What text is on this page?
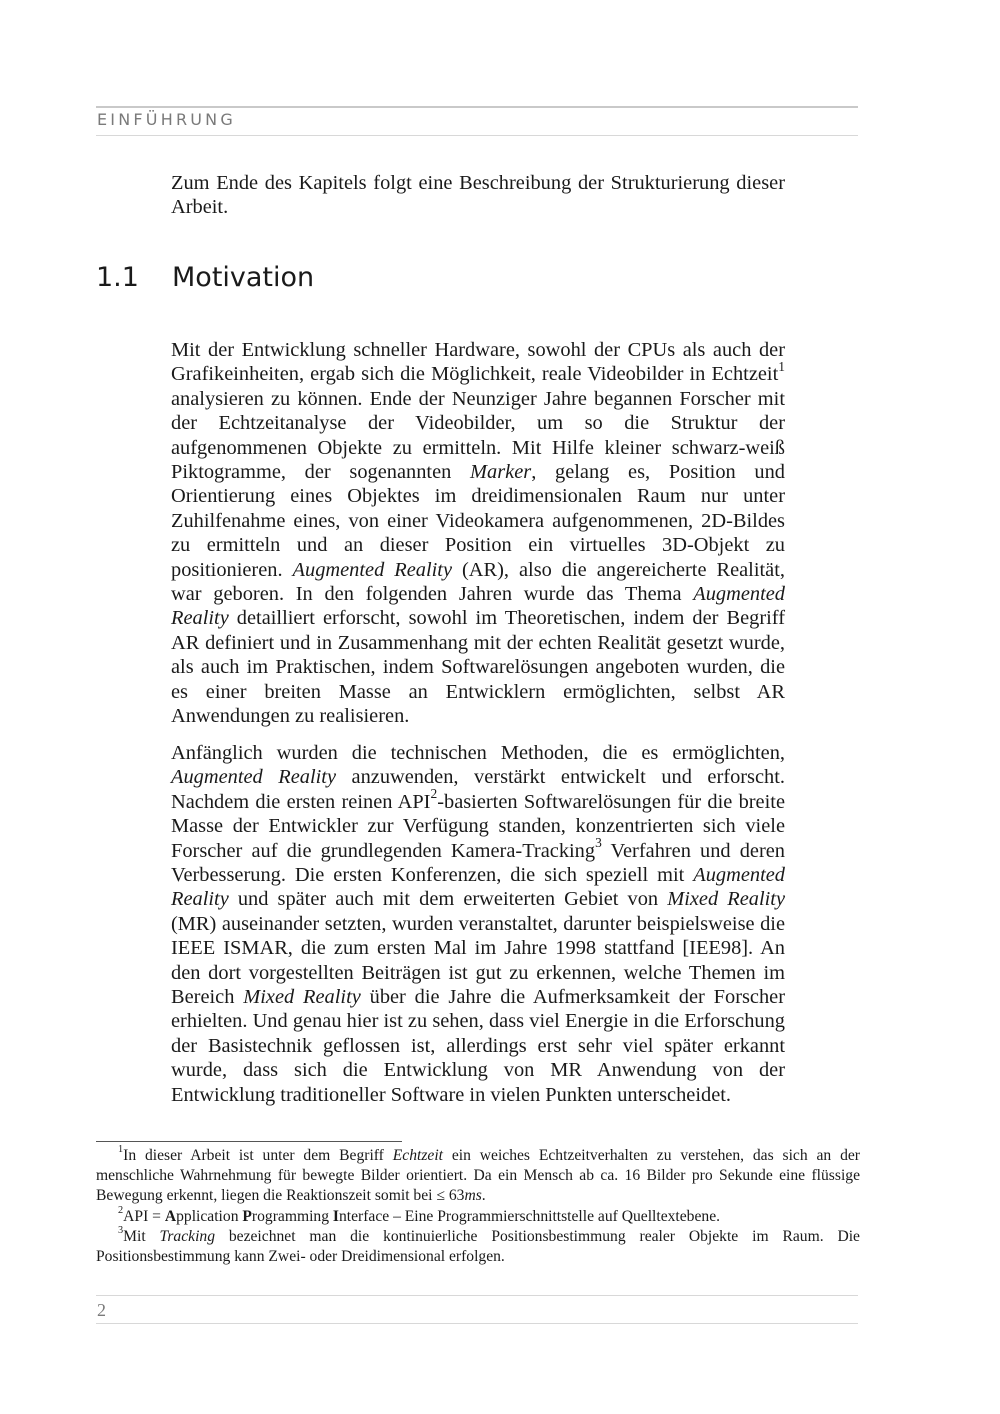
EINFÜHRUNG

Zum Ende des Kapitels folgt eine Beschreibung der Strukturierung dieser Arbeit.

1.1 Motivation

Mit der Entwicklung schneller Hardware, sowohl der CPUs als auch der Grafikeinheiten, ergab sich die Möglichkeit, reale Videobilder in Echtzeit$^1$ analysieren zu können. Ende der Neunziger Jahre begannen Forscher mit der Echtzeitanalyse der Videobilder, um so die Struktur der aufgenommenen Objekte zu ermitteln. Mit Hilfe kleiner schwarz-weiß Piktogramme, der sogenannten Marker, gelang es, Position und Orientierung eines Objektes im dreidimensionalen Raum nur unter Zuhilfenahme eines, von einer Videokamera aufgenommenen, 2D-Bildes zu ermitteln und an dieser Position ein virtuelles 3D-Objekt zu positionieren. Augmented Reality (AR), also die angereicherte Realität, war geboren. In den folgenden Jahren wurde das Thema Augmented Reality detailliert erforscht, sowohl im Theoretischen, indem der Begriff AR definiert und in Zusammenhang mit der echten Realität gesetzt wurde, als auch im Praktischen, indem Softwarelösungen angeboten wurden, die es einer breiten Masse an Entwicklern ermöglichten, selbst AR Anwendungen zu realisieren.

Anfänglich wurden die technischen Methoden, die es ermöglichten, Augmented Reality anzuwenden, verstärkt entwickelt und erforscht. Nachdem die ersten reinen API$^2$-basierten Softwarelösungen für die breite Masse der Entwickler zur Verfügung standen, konzentrierten sich viele Forscher auf die grundlegenden Kamera-Tracking$^3$ Verfahren und deren Verbesserung. Die ersten Konferenzen, die sich speziell mit Augmented Reality und später auch mit dem erweiterten Gebiet von Mixed Reality (MR) auseinander setzten, wurden veranstaltet, darunter beispielsweise die IEEE ISMAR, die zum ersten Mal im Jahre 1998 stattfand [IEE98]. An den dort vorgestellten Beiträgen ist gut zu erkennen, welche Themen im Bereich Mixed Reality über die Jahre die Aufmerksamkeit der Forscher erhielten. Und genau hier ist zu sehen, dass viel Energie in die Erforschung der Basistechnik geflossen ist, allerdings erst sehr viel später erkannt wurde, dass sich die Entwicklung von MR Anwendung von der Entwicklung traditioneller Software in vielen Punkten unterscheidet.

$^1$In dieser Arbeit ist unter dem Begriff Echtzeit ein weiches Echtzeitverhalten zu verstehen, das sich an der menschliche Wahrnehmung für bewegte Bilder orientiert. Da ein Mensch ab ca. 16 Bilder pro Sekunde eine flüssige Bewegung erkennt, liegen die Reaktionszeit somit bei ≤ 63ms.

$^2$API = Application Programming Interface – Eine Programmierschnittstelle auf Quelltextebene.

$^3$Mit Tracking bezeichnet man die kontinuierliche Positionsbestimmung realer Objekte im Raum. Die Positionsbestimmung kann Zwei- oder Dreidimensional erfolgen.

2
